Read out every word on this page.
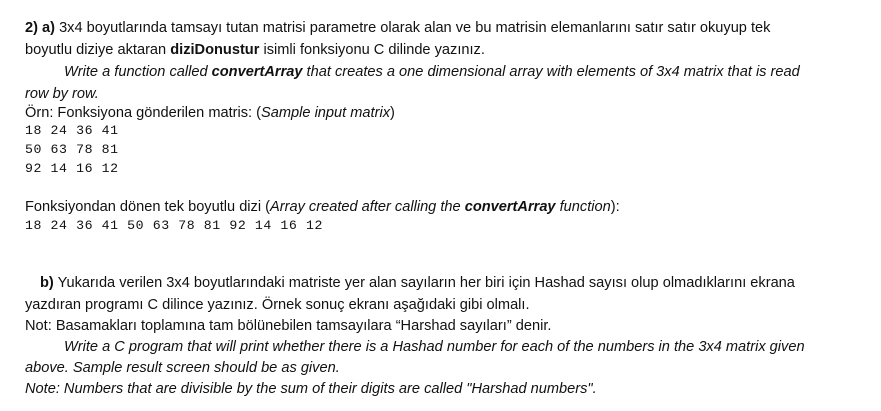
2) a) 3x4 boyutlarında tamsayı tutan matrisi parametre olarak alan ve bu matrisin elemanlarını satır satır okuyup tek
boyutlu diziye aktaran diziDonustur isimli fonksiyonu C dilinde yazınız.
Write a function called convertArray that creates a one dimensional array with elements of 3x4 matrix that is read
row by row.
Örn: Fonksiyona gönderilen matris: (Sample input matrix)
18 24 36 41
50 63 78 81
92 14 16 12
Fonksiyondan dönen tek boyutlu dizi (Array created after calling the convertArray function):
18 24 36 41 50 63 78 81 92 14 16 12
b) Yukarıda verilen 3x4 boyutlarındaki matriste yer alan sayıların her biri için Hashad sayısı olup olmadıklarını ekrana
yazdıran programı C dilince yazınız. Örnek sonuç ekranı aşağıdaki gibi olmalı.
Not: Basamakları toplamına tam bölünebilen tamsayılara “Harshad sayıları” denir.
Write a C program that will print whether there is a Hashad number for each of the numbers in the 3x4 matrix given
above. Sample result screen should be as given.
Note: Numbers that are divisible by the sum of their digits are called "Harshad numbers".
